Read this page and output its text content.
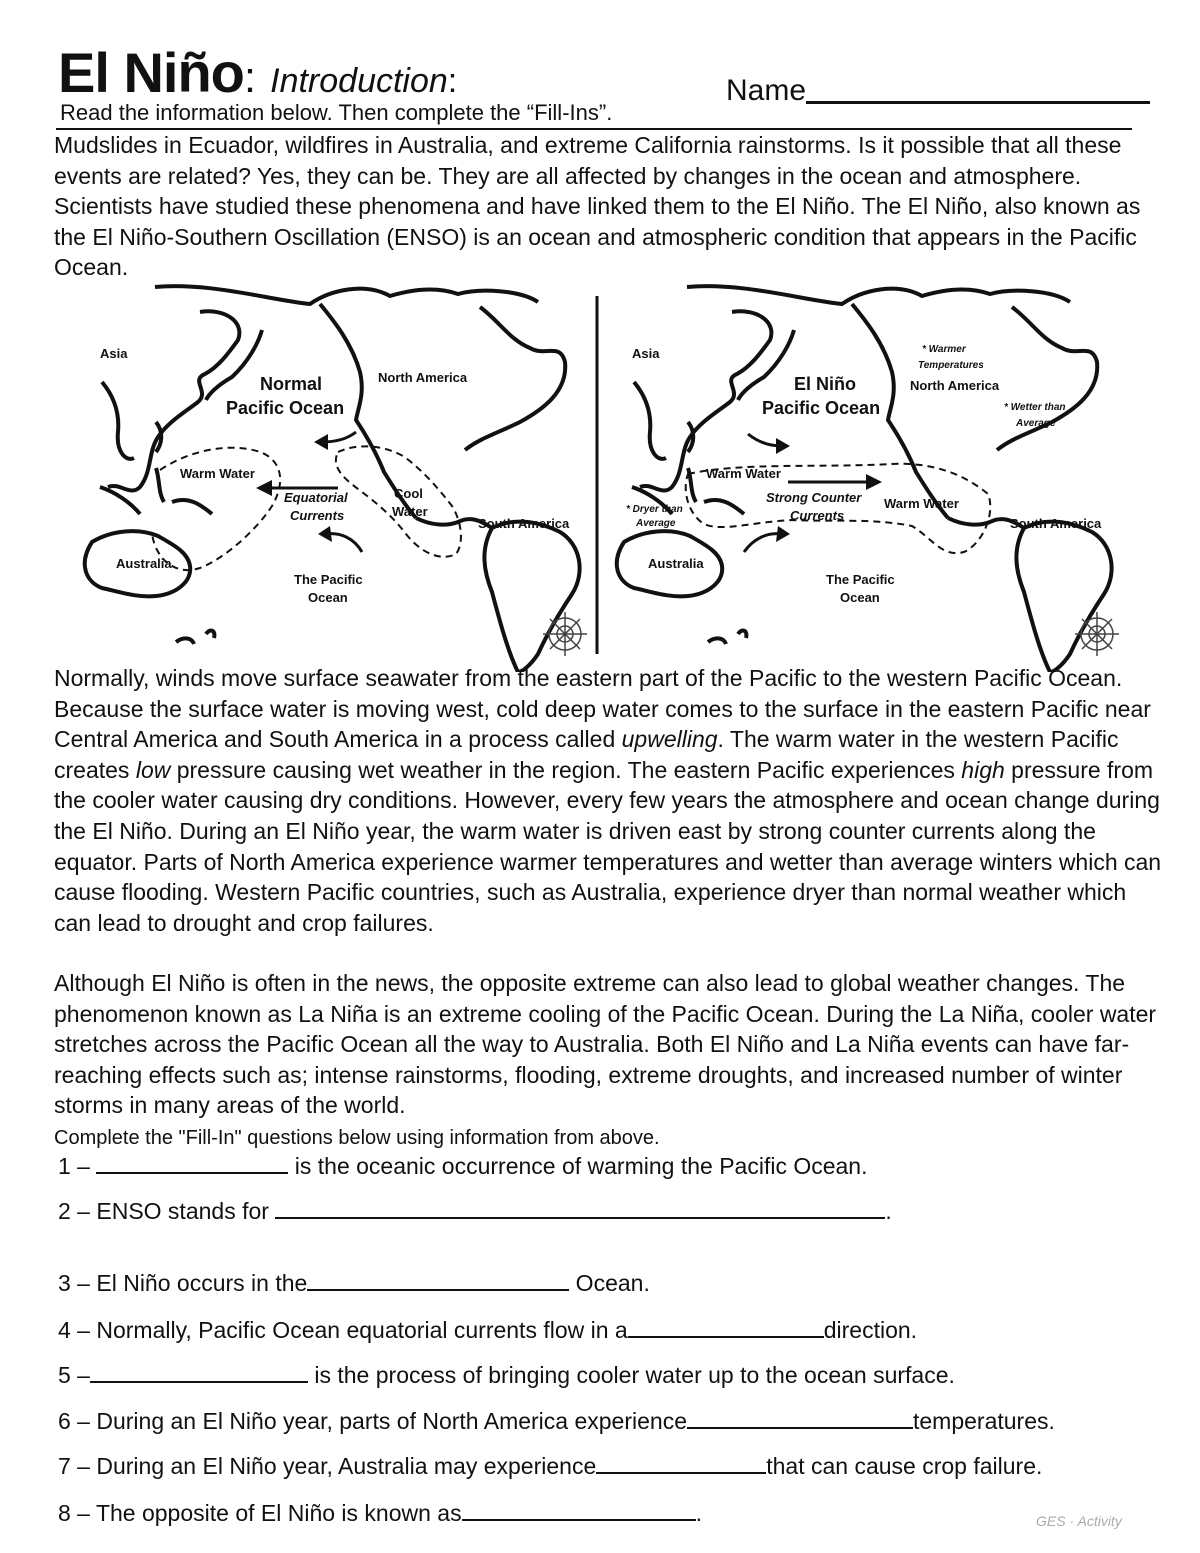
El Niño: Introduction:	Name
Read the information below. Then complete the “Fill-Ins”.
Mudslides in Ecuador, wildfires in Australia, and extreme California rainstorms. Is it possible that all these events are related? Yes, they can be. They are all affected by changes in the ocean and atmosphere. Scientists have studied these phenomena and have linked them to the El Niño. The El Niño, also known as the El Niño-Southern Oscillation (ENSO) is an ocean and atmospheric condition that appears in the Pacific Ocean.
Asia
North America
Normal
Pacific Ocean
Warm Water
Equatorial
Currents
Cool
Water
South America
Australia
The Pacific
Ocean
Asia	* Warmer
Temperatures
North America
* Wetter than
Average
El Niño
Pacific Ocean
Warm Water
* Dryer than
Average
Strong Counter
Currents
Warm Water
South America
Australia
The Pacific
Ocean
Normally, winds move surface seawater from the eastern part of the Pacific to the western Pacific Ocean. Because the surface water is moving west, cold deep water comes to the surface in the eastern Pacific near Central America and South America in a process called upwelling. The warm water in the western Pacific creates low pressure causing wet weather in the region. The eastern Pacific experiences high pressure from the cooler water causing dry conditions. However, every few years the atmosphere and ocean change during the El Niño. During an El Niño year, the warm water is driven east by strong counter currents along the equator. Parts of North America experience warmer temperatures and wetter than average winters which can cause flooding. Western Pacific countries, such as Australia, experience dryer than normal weather which can lead to drought and crop failures.
Although El Niño is often in the news, the opposite extreme can also lead to global weather changes. The phenomenon known as La Niña is an extreme cooling of the Pacific Ocean. During the La Niña, cooler water stretches across the Pacific Ocean all the way to Australia. Both El Niño and La Niña events can have far-reaching effects such as; intense rainstorms, flooding, extreme droughts, and increased number of winter storms in many areas of the world.
Complete the "Fill-In" questions below using information from above.
1 –	is the oceanic occurrence of warming the Pacific Ocean.
2 – ENSO stands for	.
3 – El Niño occurs in the	Ocean.
4 – Normally, Pacific Ocean equatorial currents flow in a	direction.
5 –	is the process of bringing cooler water up to the ocean surface.
6 – During an El Niño year, parts of North America experience	temperatures.
7 – During an El Niño year, Australia may experience	that can cause crop failure.
8 – The opposite of El Niño is known as	.	GES · Activity
